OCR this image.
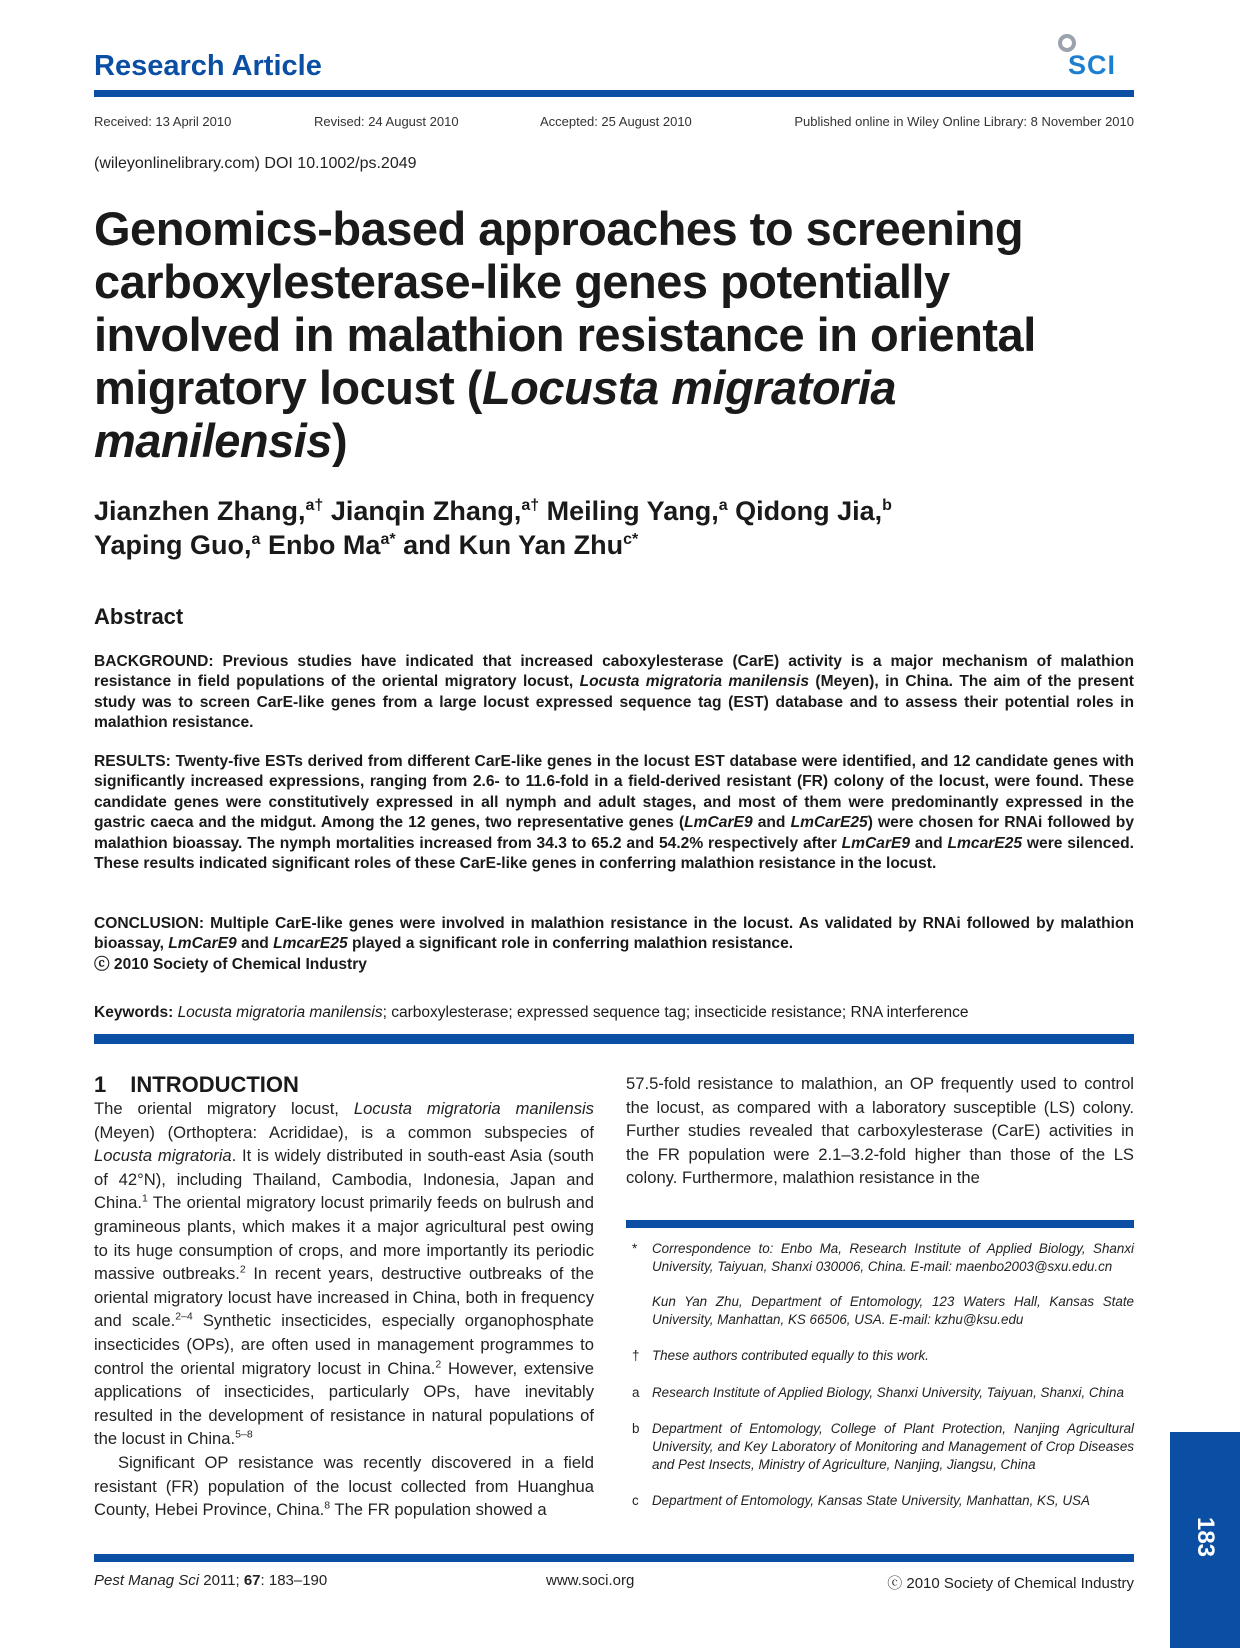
Research Article	SCI
Received: 13 April 2010	Revised: 24 August 2010	Accepted: 25 August 2010	Published online in Wiley Online Library: 8 November 2010
(wileyonlinelibrary.com) DOI 10.1002/ps.2049
Genomics-based approaches to screening
carboxylesterase-like genes potentially
involved in malathion resistance in oriental
migratory locust (Locusta migratoria
manilensis)
Jianzhen Zhang,$^{a\dagger}$ Jianqin Zhang,$^{a\dagger}$ Meiling Yang,$^a$ Qidong Jia,$^b$
Yaping Guo,$^a$ Enbo $Ma^{a*}$ and Kun Yan Zhu$^{c*}$
Abstract
BACKGROUND: Previous studies have indicated that increased caboxylesterase (CarE) activity is a major mechanism of malathion resistance in field populations of the oriental migratory locust, Locusta migratoria manilensis (Meyen), in China. The aim of the present study was to screen CarE-like genes from a large locust expressed sequence tag (EST) database and to assess their potential roles in malathion resistance.
RESULTS: Twenty-five ESTs derived from different CarE-like genes in the locust EST database were identified, and 12 candidate genes with significantly increased expressions, ranging from 2.6- to 11.6-fold in a field-derived resistant (FR) colony of the locust, were found. These candidate genes were constitutively expressed in all nymph and adult stages, and most of them were predominantly expressed in the gastric caeca and the midgut. Among the 12 genes, two representative genes (LmCarE9 and LmCarE25) were chosen for RNAi followed by malathion bioassay. The nymph mortalities increased from 34.3 to 65.2 and 54.2% respectively after LmCarE9 and LmcarE25 were silenced. These results indicated significant roles of these CarE-like genes in conferring malathion resistance in the locust.
CONCLUSION: Multiple CarE-like genes were involved in malathion resistance in the locust. As validated by RNAi followed by malathion bioassay, LmCarE9 and LmcarE25 played a significant role in conferring malathion resistance.
ⓒ 2010 Society of Chemical Industry
Keywords: Locusta migratoria manilensis; carboxylesterase; expressed sequence tag; insecticide resistance; RNA interference
1 INTRODUCTION

The oriental migratory locust, Locusta migratoria manilensis (Meyen) (Orthoptera: Acrididae), is a common subspecies of Locusta migratoria. It is widely distributed in south-east Asia (south of 42°N), including Thailand, Cambodia, Indonesia, Japan and China.$^1$ The oriental migratory locust primarily feeds on bulrush and gramineous plants, which makes it a major agricultural pest owing to its huge consumption of crops, and more importantly its periodic massive outbreaks.$^2$ In recent years, destructive outbreaks of the oriental migratory locust have increased in China, both in frequency and scale.$^{2-4}$ Synthetic insecticides, especially organophosphate insecticides (OPs), are often used in management programmes to control the oriental migratory locust in China.$^2$ However, extensive applications of insecticides, particularly OPs, have inevitably resulted in the development of resistance in natural populations of the locust in China.$^{5-8}$

Significant OP resistance was recently discovered in a field resistant (FR) population of the locust collected from Huanghua County, Hebei Province, China.$^8$ The FR population showed a

57.5-fold resistance to malathion, an OP frequently used to control the locust, as compared with a laboratory susceptible (LS) colony. Further studies revealed that carboxylesterase (CarE) activities in the FR population were 2.1–3.2-fold higher than those of the LS colony. Furthermore, malathion resistance in the

* Correspondence to: Enbo Ma, Research Institute of Applied Biology, Shanxi University, Taiyuan, Shanxi 030006, China. E-mail: maenbo2003@sxu.edu.cn
Kun Yan Zhu, Department of Entomology, 123 Waters Hall, Kansas State University, Manhattan, KS 66506, USA. E-mail: kzhu@ksu.edu
† These authors contributed equally to this work.
a Research Institute of Applied Biology, Shanxi University, Taiyuan, Shanxi, China
b Department of Entomology, College of Plant Protection, Nanjing Agricultural University, and Key Laboratory of Monitoring and Management of Crop Diseases and Pest Insects, Ministry of Agriculture, Nanjing, Jiangsu, China
c Department of Entomology, Kansas State University, Manhattan, KS, USA
183
Pest Manag Sci 2011; 67: 183–190	www.soci.org	ⓒ 2010 Society of Chemical Industry
